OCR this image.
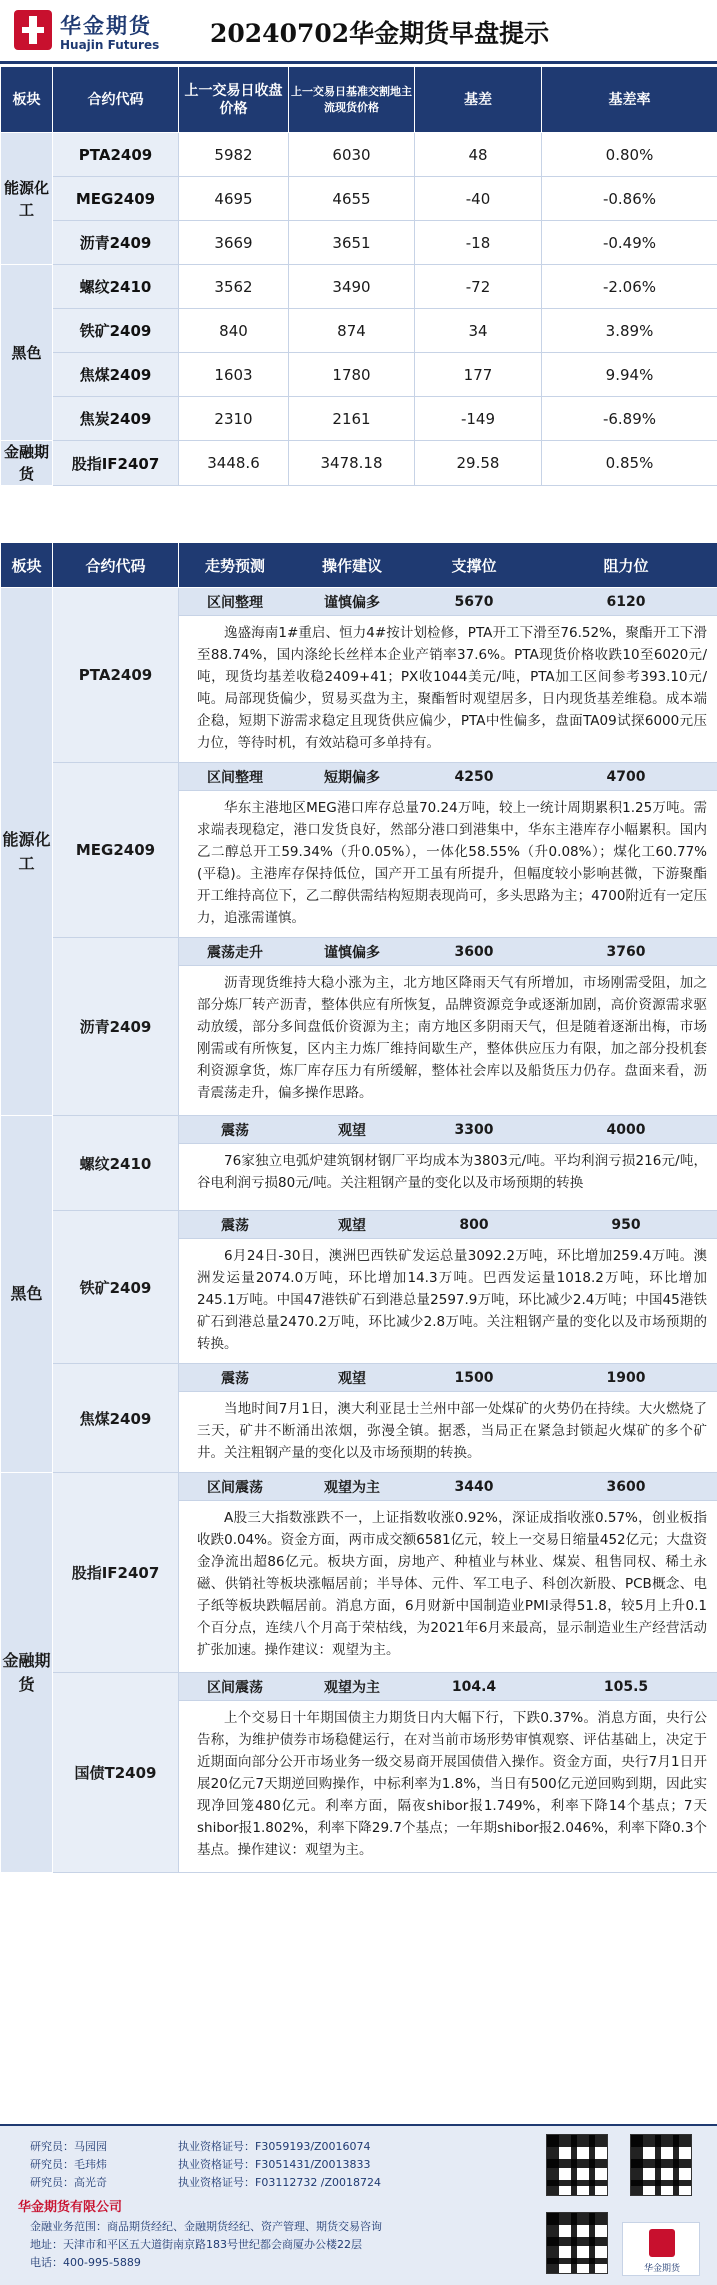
华金期货
Huajin Futures 20240702华金期货早盘提示
板块	合约代码	上一交易日收盘价格	上一交易日基准交割地主流现货价格	基差	基差率
能源化工	PTA2409	5982	6030	48	0.80%
	MEG2409	4695	4655	-40	-0.86%
	沥青2409	3669	3651	-18	-0.49%
黑色	螺纹2410	3562	3490	-72	-2.06%
	铁矿2409	840	874	34	3.89%
	焦煤2409	1603	1780	177	9.94%
	焦炭2409	2310	2161	-149	-6.89%
金融期货	股指IF2407	3448.6	3478.18	29.58	0.85%
板块	合约代码	走势预测 操作建议 支撑位 阻力位

能源化工	PTA2409	区间整理 谨慎偏多 5670 6120
逸盛海南1#重启、恒力4#按计划检修，PTA开工下滑至76.52%，聚酯开工下滑至88.74%，国内涤纶长丝样本企业产销率37.6%。PTA现货价格收跌10至6020元/吨，现货均基差收稳2409+41；PX收1044美元/吨，PTA加工区间参考393.10元/吨。局部现货偏少，贸易买盘为主，聚酯暂时观望居多，日内现货基差维稳。成本端企稳，短期下游需求稳定且现货供应偏少，PTA中性偏多，盘面TA09试探6000元压力位，等待时机，有效站稳可多单持有。

	MEG2409	区间整理 短期偏多 4250 4700
华东主港地区MEG港口库存总量70.24万吨，较上一统计周期累积1.25万吨。需求端表现稳定，港口发货良好，然部分港口到港集中，华东主港库存小幅累积。国内乙二醇总开工59.34%（升0.05%），一体化58.55%（升0.08%）；煤化工60.77%(平稳)。主港库存保持低位，国产开工虽有所提升，但幅度较小影响甚微，下游聚酯开工维持高位下，乙二醇供需结构短期表现尚可，多头思路为主；4700附近有一定压力，追涨需谨慎。

	沥青2409	震荡走升 谨慎偏多 3600 3760
沥青现货维持大稳小涨为主，北方地区降雨天气有所增加，市场刚需受阻，加之部分炼厂转产沥青，整体供应有所恢复，品牌资源竞争或逐渐加剧，高价资源需求驱动放缓，部分多间盘低价资源为主；南方地区多阴雨天气，但是随着逐渐出梅，市场刚需或有所恢复，区内主力炼厂维持间歇生产，整体供应压力有限，加之部分投机套利资源拿货，炼厂库存压力有所缓解，整体社会库以及船货压力仍存。盘面来看，沥青震荡走升，偏多操作思路。

黑色	螺纹2410	震荡 观望 3300 4000
76家独立电弧炉建筑钢材钢厂平均成本为3803元/吨。平均利润亏损216元/吨，谷电利润亏损80元/吨。关注粗钢产量的变化以及市场预期的转换

	铁矿2409	震荡 观望 800 950
6月24日-30日，澳洲巴西铁矿发运总量3092.2万吨，环比增加259.4万吨。澳洲发运量2074.0万吨，环比增加14.3万吨。巴西发运量1018.2万吨，环比增加245.1万吨。中国47港铁矿石到港总量2597.9万吨，环比减少2.4万吨；中国45港铁矿石到港总量2470.2万吨，环比减少2.8万吨。关注粗钢产量的变化以及市场预期的转换。

	焦煤2409	震荡 观望 1500 1900
当地时间7月1日，澳大利亚昆士兰州中部一处煤矿的火势仍在持续。大火燃烧了三天，矿井不断涌出浓烟，弥漫全镇。据悉，当局正在紧急封锁起火煤矿的多个矿井。关注粗钢产量的变化以及市场预期的转换。

金融期货	股指IF2407	区间震荡 观望为主 3440 3600
A股三大指数涨跌不一，上证指数收涨0.92%，深证成指收涨0.57%，创业板指收跌0.04%。资金方面，两市成交额6581亿元，较上一交易日缩量452亿元；大盘资金净流出超86亿元。板块方面，房地产、种植业与林业、煤炭、租售同权、稀土永磁、供销社等板块涨幅居前；半导体、元件、军工电子、科创次新股、PCB概念、电子纸等板块跌幅居前。消息方面，6月财新中国制造业PMI录得51.8，较5月上升0.1个百分点，连续八个月高于荣枯线，为2021年6月来最高，显示制造业生产经营活动扩张加速。操作建议：观望为主。

	国债T2409	区间震荡 观望为主 104.4 105.5
上个交易日十年期国债主力期货日内大幅下行，下跌0.37%。消息方面，央行公告称，为维护债券市场稳健运行，在对当前市场形势审慎观察、评估基础上，决定于近期面向部分公开市场业务一级交易商开展国债借入操作。资金方面，央行7月1日开展20亿元7天期逆回购操作，中标利率为1.8%，当日有500亿元逆回购到期，因此实现净回笼480亿元。利率方面，隔夜shibor报1.749%，利率下降14个基点；7天shibor报1.802%，利率下降29.7个基点；一年期shibor报2.046%，利率下降0.3个基点。操作建议：观望为主。
研究员：马园园	执业资格证号：F3059193/Z0016074
研究员：毛玮炜	执业资格证号：F3051431/Z0013833
研究员：高光奇	执业资格证号：F03112732 /Z0018724
华金期货有限公司
金融业务范围：商品期货经纪、金融期货经纪、资产管理、期货交易咨询
地址：天津市和平区五大道街南京路183号世纪都会商厦办公楼22层
电话：400-995-5889	华金期货
